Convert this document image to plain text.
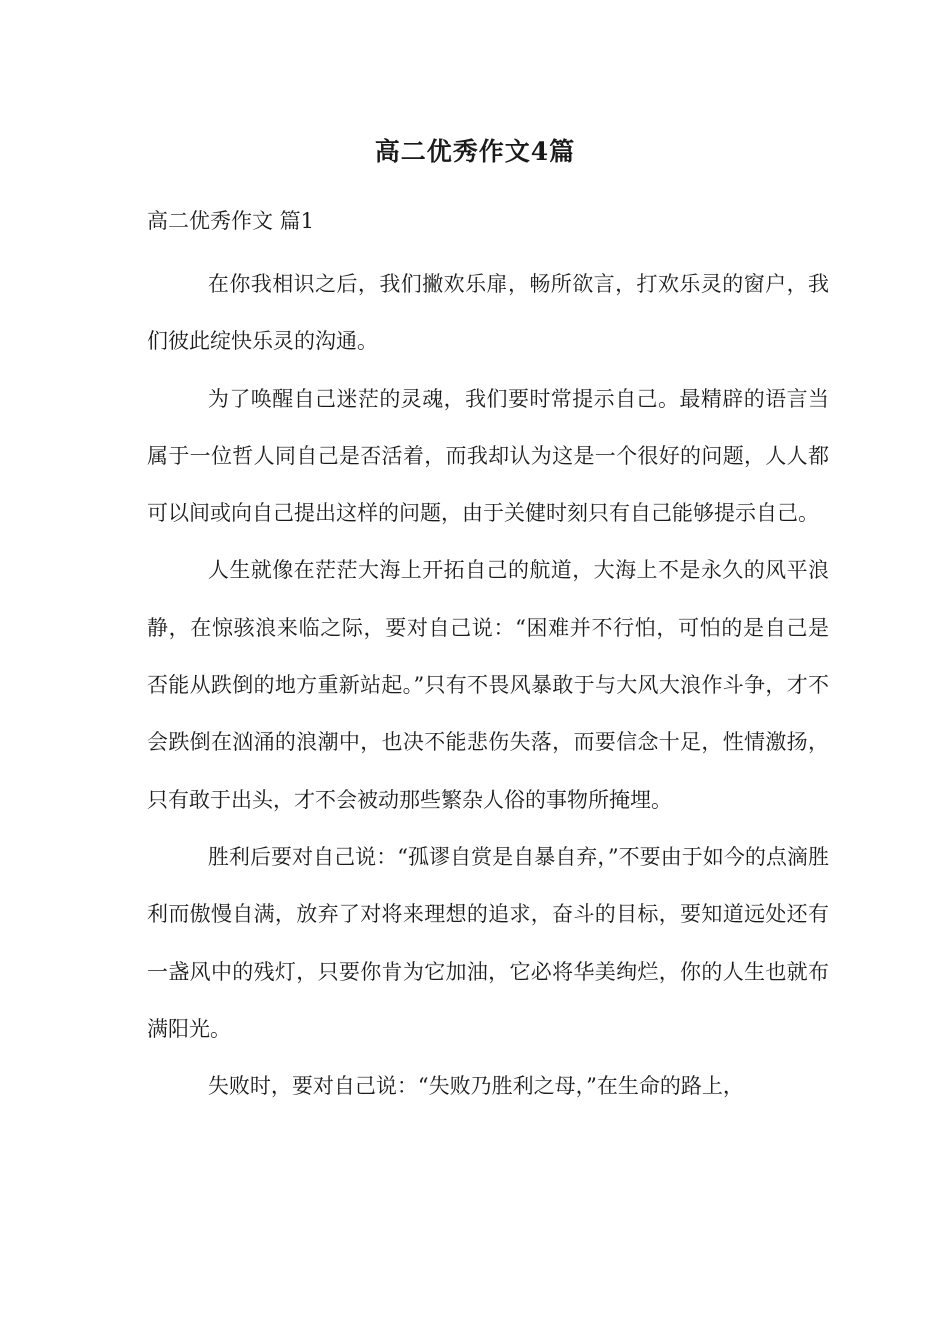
高二优秀作文4篇

高二优秀作文 篇1

在你我相识之后，我们撇欢乐扉，畅所欲言，打欢乐灵的窗户，我们彼此绽快乐灵的沟通。

为了唤醒自己迷茫的灵魂，我们要时常提示自己。最精辟的语言当属于一位哲人同自己是否活着，而我却认为这是一个很好的问题，人人都可以间或向自己提出这样的问题，由于关健时刻只有自己能够提示自己。

人生就像在茫茫大海上开拓自己的航道，大海上不是永久的风平浪静，在惊骇浪来临之际，要对自己说：“困难并不行怕，可怕的是自己是否能从跌倒的地方重新站起。”只有不畏风暴敢于与大风大浪作斗争，才不会跌倒在汹涌的浪潮中，也决不能悲伤失落，而要信念十足，性情激扬，只有敢于出头，才不会被动那些繁杂人俗的事物所掩埋。

胜利后要对自己说：“孤谬自赏是自暴自弃，”不要由于如今的点滴胜利而傲慢自满，放弃了对将来理想的追求，奋斗的目标，要知道远处还有一盏风中的残灯，只要你肯为它加油，它必将华美绚烂，你的人生也就布满阳光。

失败时，要对自己说：“失败乃胜利之母，”在生命的路上，
